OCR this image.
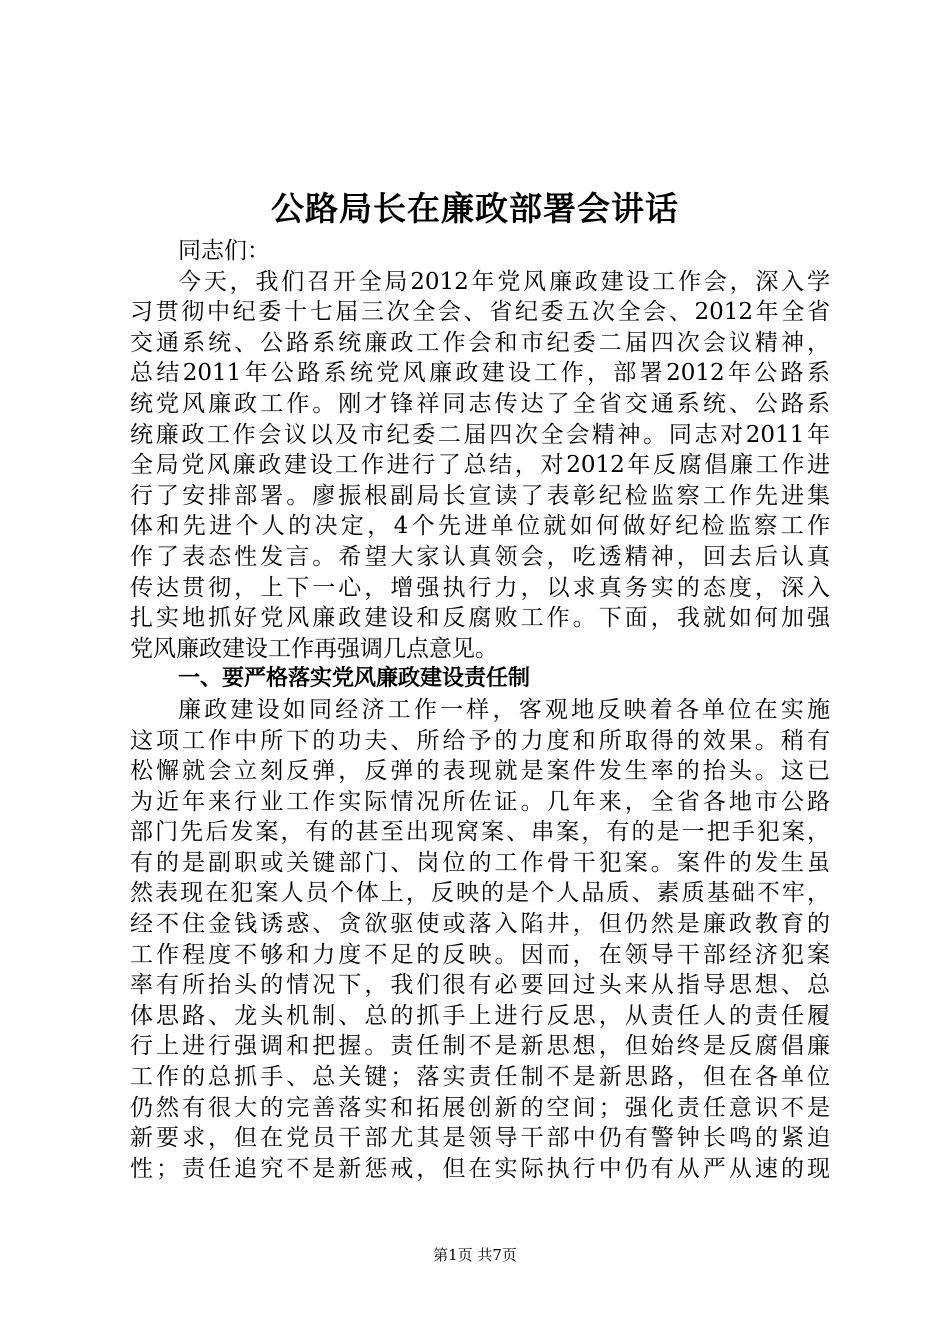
公路局长在廉政部署会讲话
同志们：
今天，我们召开全局2012年党风廉政建设工作会，深入学
习贯彻中纪委十七届三次全会、省纪委五次全会、2012年全省
交通系统、公路系统廉政工作会和市纪委二届四次会议精神，
总结2011年公路系统党风廉政建设工作，部署2012年公路系
统党风廉政工作。刚才锋祥同志传达了全省交通系统、公路系
统廉政工作会议以及市纪委二届四次全会精神。同志对2011年
全局党风廉政建设工作进行了总结，对2012年反腐倡廉工作进
行了安排部署。廖振根副局长宣读了表彰纪检监察工作先进集
体和先进个人的决定，4个先进单位就如何做好纪检监察工作
作了表态性发言。希望大家认真领会，吃透精神，回去后认真
传达贯彻，上下一心，增强执行力，以求真务实的态度，深入
扎实地抓好党风廉政建设和反腐败工作。下面，我就如何加强
党风廉政建设工作再强调几点意见。
一、要严格落实党风廉政建设责任制
廉政建设如同经济工作一样，客观地反映着各单位在实施
这项工作中所下的功夫、所给予的力度和所取得的效果。稍有
松懈就会立刻反弹，反弹的表现就是案件发生率的抬头。这已
为近年来行业工作实际情况所佐证。几年来，全省各地市公路
部门先后发案，有的甚至出现窝案、串案，有的是一把手犯案，
有的是副职或关键部门、岗位的工作骨干犯案。案件的发生虽
然表现在犯案人员个体上，反映的是个人品质、素质基础不牢，
经不住金钱诱惑、贪欲驱使或落入陷井，但仍然是廉政教育的
工作程度不够和力度不足的反映。因而，在领导干部经济犯案
率有所抬头的情况下，我们很有必要回过头来从指导思想、总
体思路、龙头机制、总的抓手上进行反思，从责任人的责任履
行上进行强调和把握。责任制不是新思想，但始终是反腐倡廉
工作的总抓手、总关键；落实责任制不是新思路，但在各单位
仍然有很大的完善落实和拓展创新的空间；强化责任意识不是
新要求，但在党员干部尤其是领导干部中仍有警钟长鸣的紧迫
性；责任追究不是新惩戒，但在实际执行中仍有从严从速的现
第1页 共7页
